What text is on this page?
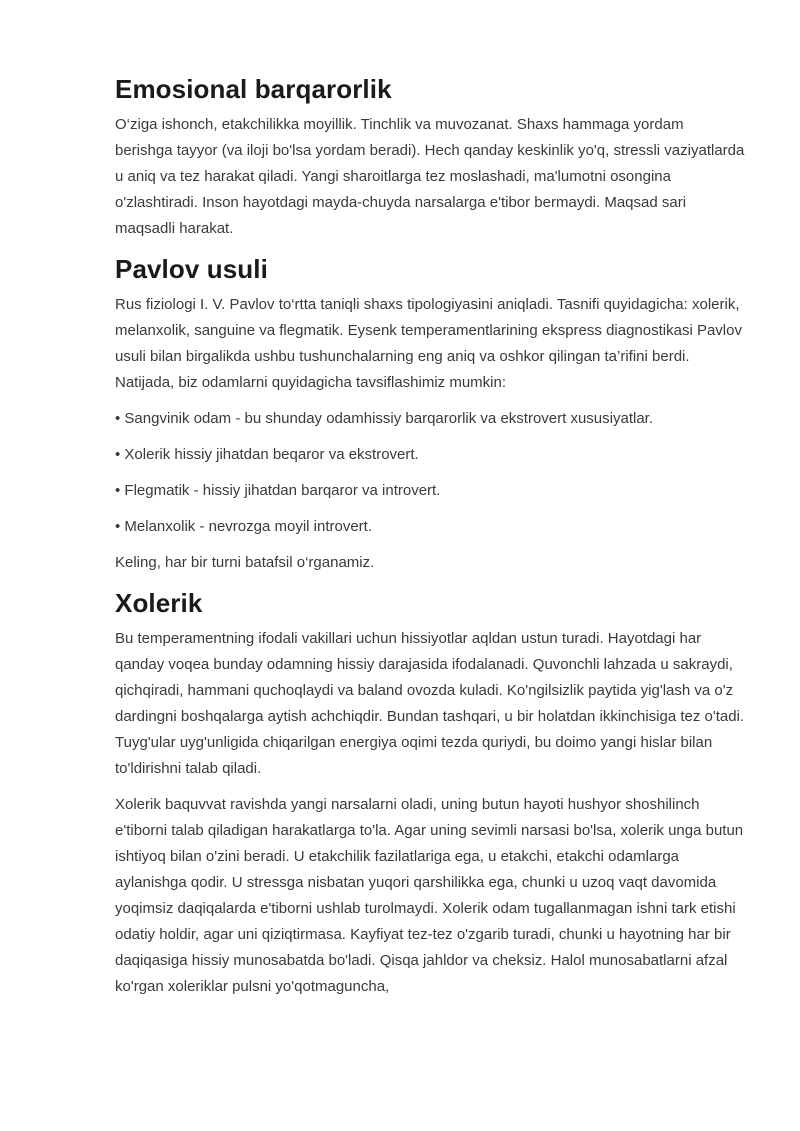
Emosional barqarorlik

O‘ziga ishonch, etakchilikka moyillik. Tinchlik va muvozanat. Shaxs hammaga yordam berishga tayyor (va iloji bo'lsa yordam beradi). Hech qanday keskinlik yo'q, stressli vaziyatlarda u aniq va tez harakat qiladi. Yangi sharoitlarga tez moslashadi, ma'lumotni osongina o'zlashtiradi. Inson hayotdagi mayda-chuyda narsalarga e'tibor bermaydi. Maqsad sari maqsadli harakat.

Pavlov usuli

Rus fiziologi I. V. Pavlov to‘rtta taniqli shaxs tipologiyasini aniqladi. Tasnifi quyidagicha: xolerik, melanxolik, sanguine va flegmatik. Eysenk temperamentlarining ekspress diagnostikasi Pavlov usuli bilan birgalikda ushbu tushunchalarning eng aniq va oshkor qilingan ta’rifini berdi. Natijada, biz odamlarni quyidagicha tavsiflashimiz mumkin:

• Sangvinik odam - bu shunday odamhissiy barqarorlik va ekstrovert xususiyatlar.

• Xolerik hissiy jihatdan beqaror va ekstrovert.

• Flegmatik - hissiy jihatdan barqaror va introvert.

• Melanxolik - nevrozga moyil introvert.

Keling, har bir turni batafsil o‘rganamiz.

Xolerik

Bu temperamentning ifodali vakillari uchun hissiyotlar aqldan ustun turadi. Hayotdagi har qanday voqea bunday odamning hissiy darajasida ifodalanadi. Quvonchli lahzada u sakraydi, qichqiradi, hammani quchoqlaydi va baland ovozda kuladi. Ko'ngilsizlik paytida yig'lash va o'z dardingni boshqalarga aytish achchiqdir. Bundan tashqari, u bir holatdan ikkinchisiga tez o'tadi. Tuyg'ular uyg'unligida chiqarilgan energiya oqimi tezda quriydi, bu doimo yangi hislar bilan to'ldirishni talab qiladi.

Xolerik baquvvat ravishda yangi narsalarni oladi, uning butun hayoti hushyor shoshilinch e'tiborni talab qiladigan harakatlarga to'la. Agar uning sevimli narsasi bo'lsa, xolerik unga butun ishtiyoq bilan o'zini beradi. U etakchilik fazilatlariga ega, u etakchi, etakchi odamlarga aylanishga qodir. U stressga nisbatan yuqori qarshilikka ega, chunki u uzoq vaqt davomida yoqimsiz daqiqalarda e'tiborni ushlab turolmaydi. Xolerik odam tugallanmagan ishni tark etishi odatiy holdir, agar uni qiziqtirmasa. Kayfiyat tez-tez o'zgarib turadi, chunki u hayotning har bir daqiqasiga hissiy munosabatda bo'ladi. Qisqa jahldor va cheksiz. Halol munosabatlarni afzal ko'rgan xoleriklar pulsni yo'qotmaguncha,
